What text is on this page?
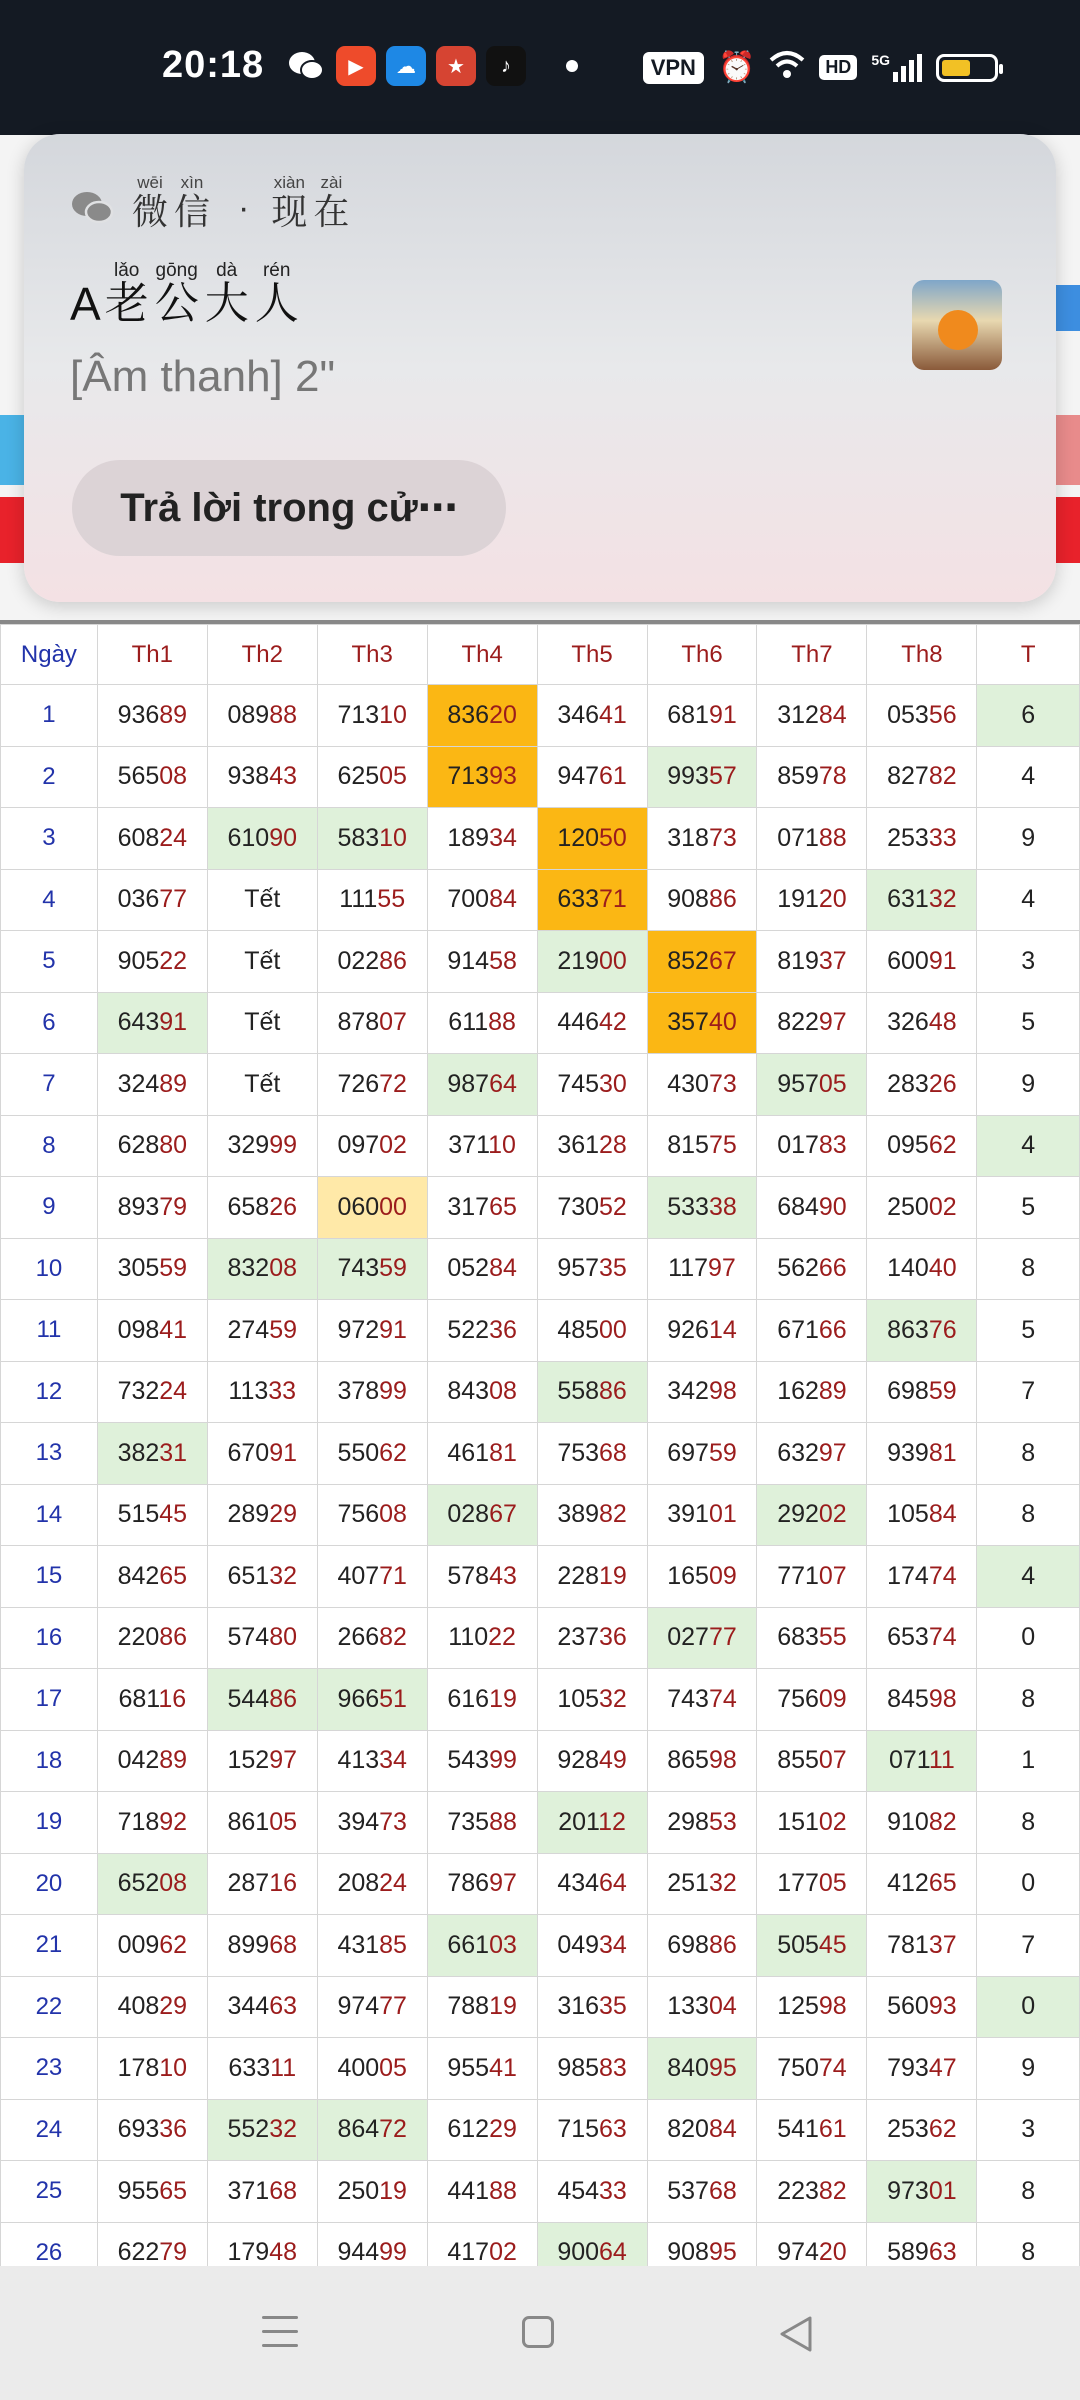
20:18	▶	☁	★	♪	VPN ⏰	HD	5G
wēi
微
xìn
信 ·
xiàn
现
zài
在
A
lǎo
老
gōng
公
dà
大
rén
人
[Âm thanh] 2"
Trả lời trong cử⋯
Ngày	Th1	Th2	Th3	Th4	Th5	Th6	Th7	Th8	T
1	93689	08988	71310	83620	34641	68191	31284	05356	6
2	56508	93843	62505	71393	94761	99357	85978	82782	4
3	60824	61090	58310	18934	12050	31873	07188	25333	9
4	03677	Tết	11155	70084	63371	90886	19120	63132	4
5	90522	Tết	02286	91458	21900	85267	81937	60091	3
6	64391	Tết	87807	61188	44642	35740	82297	32648	5
7	32489	Tết	72672	98764	74530	43073	95705	28326	9
8	62880	32999	09702	37110	36128	81575	01783	09562	4
9	89379	65826	06000	31765	73052	53338	68490	25002	5
10	30559	83208	74359	05284	95735	11797	56266	14040	8
11	09841	27459	97291	52236	48500	92614	67166	86376	5
12	73224	11333	37899	84308	55886	34298	16289	69859	7
13	38231	67091	55062	46181	75368	69759	63297	93981	8
14	51545	28929	75608	02867	38982	39101	29202	10584	8
15	84265	65132	40771	57843	22819	16509	77107	17474	4
16	22086	57480	26682	11022	23736	02777	68355	65374	0
17	68116	54486	96651	61619	10532	74374	75609	84598	8
18	04289	15297	41334	54399	92849	86598	85507	07111	1
19	71892	86105	39473	73588	20112	29853	15102	91082	8
20	65208	28716	20824	78697	43464	25132	17705	41265	0
21	00962	89968	43185	66103	04934	69886	50545	78137	7
22	40829	34463	97477	78819	31635	13304	12598	56093	0
23	17810	63311	40005	95541	98583	84095	75074	79347	9
24	69336	55232	86472	61229	71563	82084	54161	25362	3
25	95565	37168	25019	44188	45433	53768	22382	97301	8
26	62279	17948	94499	41702	90064	90895	97420	58963	8
